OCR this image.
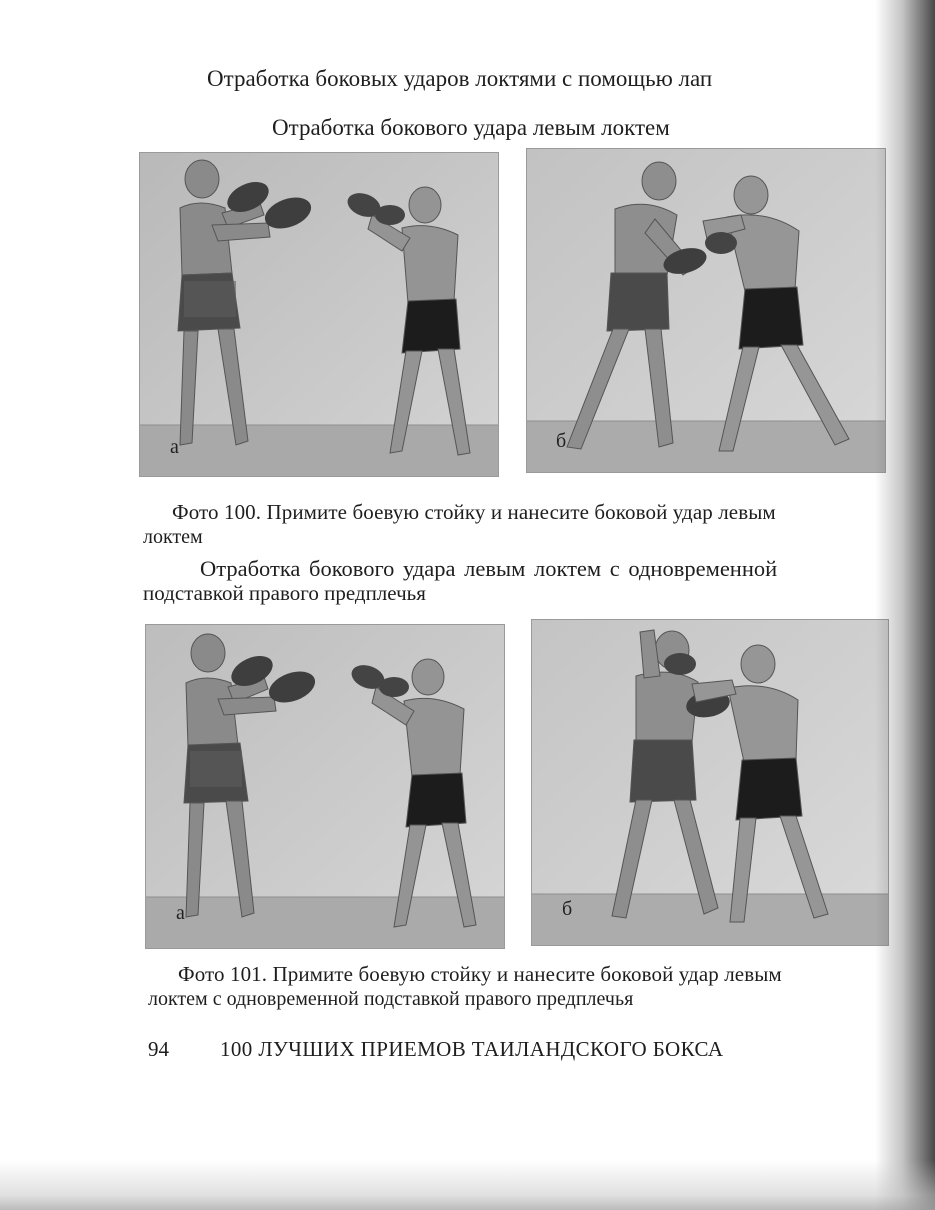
Отработка боковых ударов локтями с помощью лап
Отработка бокового удара левым локтем
а	б
Фото 100. Примите боевую стойку и нанесите боковой удар левым
локтем
Отработка бокового удара левым локтем с одновременной
подставкой правого предплечья
а	б
Фото 101. Примите боевую стойку и нанесите боковой удар левым
локтем с одновременной подставкой правого предплечья
94 100 ЛУЧШИХ ПРИЕМОВ ТАИЛАНДСКОГО БОКСА
